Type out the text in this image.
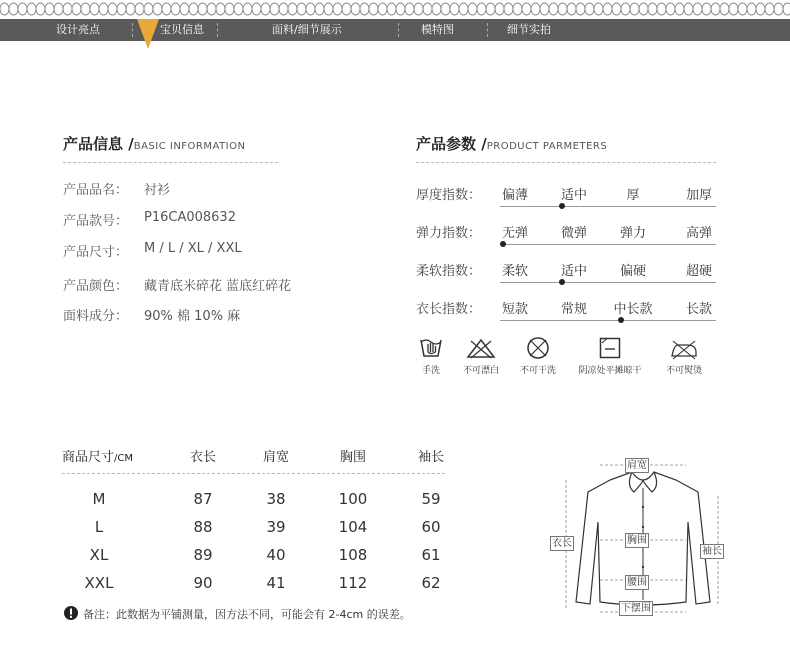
设计亮点	宝贝信息	面料/细节展示	模特图	细节实拍
产品信息 /BASIC INFORMATION
产品品名： 衬衫
产品款号： P16CA008632
产品尺寸： M / L / XL / XXL
产品颜色： 藏青底米碎花 蓝底红碎花
面料成分： 90% 棉 10% 麻
产品参数 /PRODUCT PARMETERS
厚度指数：	偏薄	适中	厚	加厚
弹力指数：	无弹	微弹	弹力	高弹
柔软指数：	柔软	适中	偏硬	超硬
衣长指数：	短款	常规	中长款	长款
手洗	不可漂白	不可干洗	阴凉处平摊晾干	不可熨烫
商品尺寸/CM	衣长	肩宽	胸围	袖长
M	87	38	100	59
L	88	39	104	60
XL	89	40	108	61
XXL	90	41	112	62
备注：此数据为平铺测量，因方法不同，可能会有 2-4cm 的误差。
肩宽
衣长	胸围
袖长
腰围
下摆围
